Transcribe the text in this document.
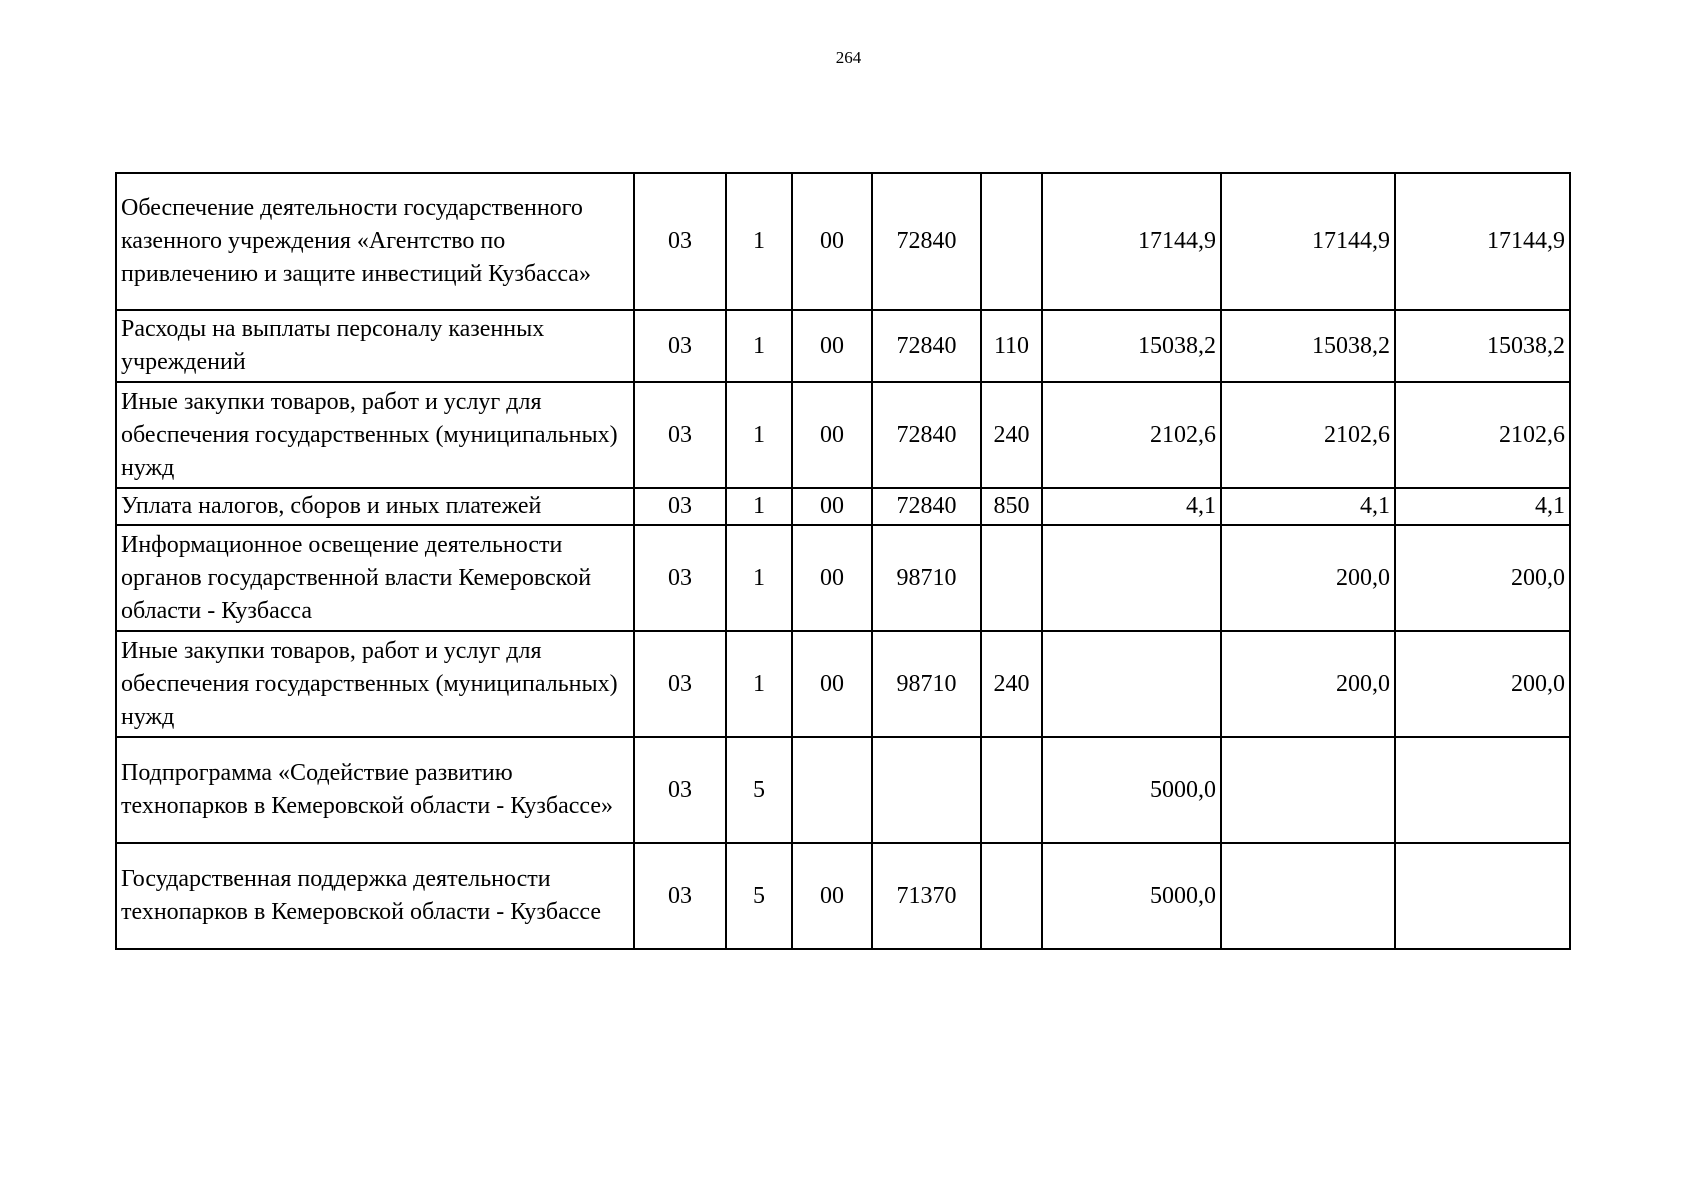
264
Обеспечение деятельности государственного казенного учреждения «Агентство по привлечению и защите инвестиций Кузбасса»	03	1	00	72840		17144,9	17144,9	17144,9
Расходы на выплаты персоналу казенных учреждений	03	1	00	72840	110	15038,2	15038,2	15038,2
Иные закупки товаров, работ и услуг для обеспечения государственных (муниципальных) нужд	03	1	00	72840	240	2102,6	2102,6	2102,6
Уплата налогов, сборов и иных платежей	03	1	00	72840	850	4,1	4,1	4,1
Информационное освещение деятельности органов государственной власти Кемеровской области - Кузбасса	03	1	00	98710			200,0	200,0
Иные закупки товаров, работ и услуг для обеспечения государственных (муниципальных) нужд	03	1	00	98710	240		200,0	200,0
Подпрограмма «Содействие развитию технопарков в Кемеровской области - Кузбассе»	03	5				5000,0		
Государственная поддержка деятельности технопарков в Кемеровской области - Кузбассе	03	5	00	71370		5000,0		
